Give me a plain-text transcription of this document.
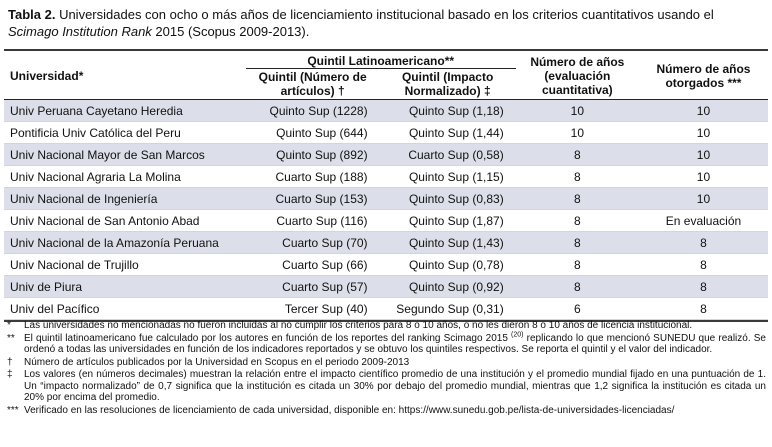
Tabla 2. Universidades con ocho o más años de licenciamiento institucional basado en los criterios cuantitativos usando el Scimago Institution Rank 2015 (Scopus 2009-2013).
Universidad*	Quintil Latinoamericano**		Número de años (evaluación cuantitativa)	Número de años otorgados ***
	Quintil (Número de artículos) †	Quintil (Impacto Normalizado) ‡		
Univ Peruana Cayetano Heredia	Quinto Sup (1228)	Quinto Sup (1,18)	10	10
Pontificia Univ Católica del Peru	Quinto Sup (644)	Quinto Sup (1,44)	10	10
Univ Nacional Mayor de San Marcos	Quinto Sup (892)	Cuarto Sup (0,58)	8	10
Univ Nacional Agraria La Molina	Cuarto Sup (188)	Quinto Sup (1,15)	8	10
Univ Nacional de Ingeniería	Cuarto Sup (153)	Quinto Sup (0,83)	8	10
Univ Nacional de San Antonio Abad	Cuarto Sup (116)	Quinto Sup (1,87)	8	En evaluación
Univ Nacional de la Amazonía Peruana	Cuarto Sup (70)	Quinto Sup (1,43)	8	8
Univ Nacional de Trujillo	Cuarto Sup (66)	Quinto Sup (0,78)	8	8
Univ de Piura	Cuarto Sup (57)	Quinto Sup (0,92)	8	8
Univ del Pacífico	Tercer Sup (40)	Segundo Sup (0,31)	6	8
*	Las universidades no mencionadas no fueron incluidas al no cumplir los criterios para 8 o 10 años, o no les dieron 8 o 10 años de licencia institucional.
** El quintil latinoamericano fue calculado por los autores en función de los reportes del ranking Scimago 2015 $^{(20)}$ replicando lo que mencionó SUNEDU que realizó. Se ordenó a todas las universidades en función de los indicadores reportados y se obtuvo los quintiles respectivos. Se reporta el quintil y el valor del indicador.
†	Número de artículos publicados por la Universidad en Scopus en el periodo 2009-2013
‡	Los valores (en números decimales) muestran la relación entre el impacto científico promedio de una institución y el promedio mundial fijado en una puntuación de 1. Un “impacto normalizado” de 0,7 significa que la institución es citada un 30% por debajo del promedio mundial, mientras que 1,2 significa la institución es citada un 20% por encima del promedio.
*** Verificado en las resoluciones de licenciamiento de cada universidad, disponible en: https://www.sunedu.gob.pe/lista-de-universidades-licenciadas/
